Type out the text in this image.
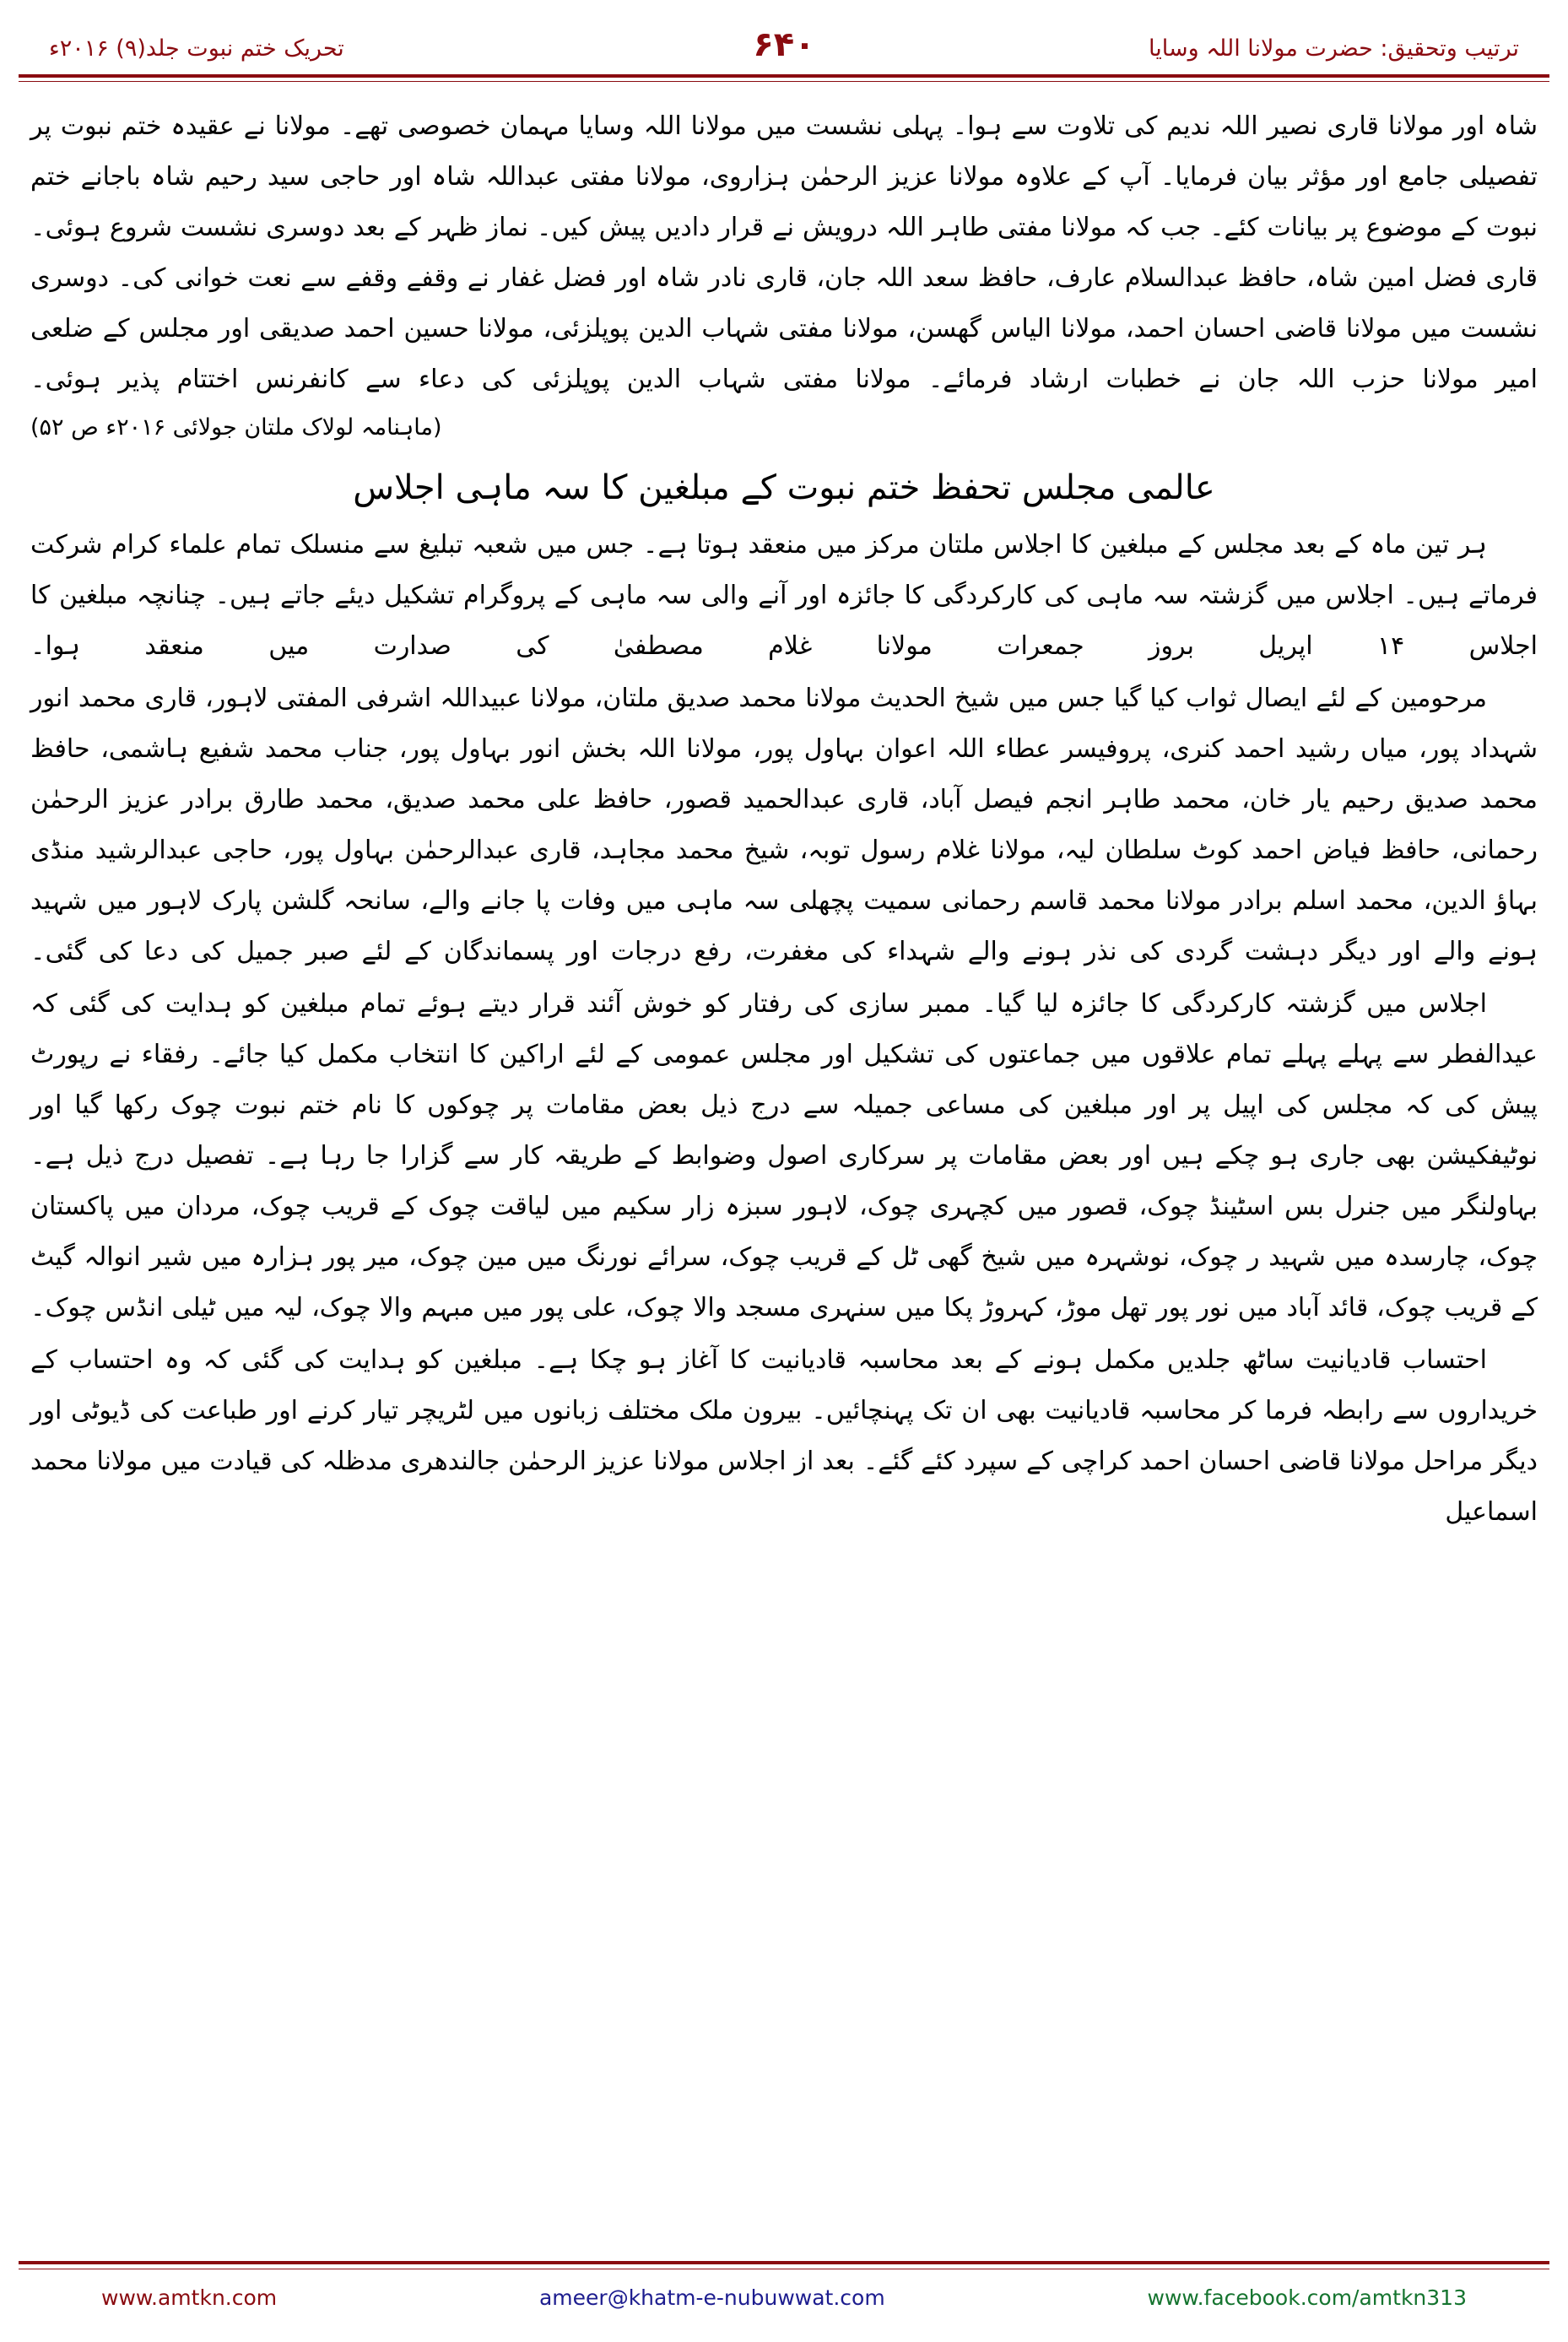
ترتیب وتحقیق: حضرت مولانا اللہ وسایا
۶۴۰
تحریک ختم نبوت جلد(۹) ۲۰۱۶ء

شاہ اور مولانا قاری نصیر اللہ ندیم کی تلاوت سے ہوا۔ پہلی نشست میں مولانا اللہ وسایا مہمان خصوصی تھے۔ مولانا نے عقیدہ ختم نبوت پر تفصیلی جامع اور مؤثر بیان فرمایا۔ آپ کے علاوہ مولانا عزیز الرحمٰن ہزاروی، مولانا مفتی عبداللہ شاہ اور حاجی سید رحیم شاہ باجانے ختم نبوت کے موضوع پر بیانات کئے۔ جب کہ مولانا مفتی طاہر اللہ درویش نے قرار دادیں پیش کیں۔ نماز ظہر کے بعد دوسری نشست شروع ہوئی۔ قاری فضل امین شاہ، حافظ عبدالسلام عارف، حافظ سعد اللہ جان، قاری نادر شاہ اور فضل غفار نے وقفے وقفے سے نعت خوانی کی۔ دوسری نشست میں مولانا قاضی احسان احمد، مولانا الیاس گھسن، مولانا مفتی شہاب الدین پوپلزئی، مولانا حسین احمد صدیقی اور مجلس کے ضلعی امیر مولانا حزب اللہ جان نے خطبات ارشاد فرمائے۔ مولانا مفتی شہاب الدین پوپلزئی کی دعاء سے کانفرنس اختتام پذیر ہوئی۔

(ماہنامہ لولاک ملتان جولائی ۲۰۱۶ء ص ۵۲)

عالمی مجلس تحفظ ختم نبوت کے مبلغین کا سہ ماہی اجلاس

ہر تین ماہ کے بعد مجلس کے مبلغین کا اجلاس ملتان مرکز میں منعقد ہوتا ہے۔ جس میں شعبہ تبلیغ سے منسلک تمام علماء کرام شرکت فرماتے ہیں۔ اجلاس میں گزشتہ سہ ماہی کی کارکردگی کا جائزہ اور آنے والی سہ ماہی کے پروگرام تشکیل دیئے جاتے ہیں۔ چنانچہ مبلغین کا اجلاس ۱۴ اپریل بروز جمعرات مولانا غلام مصطفیٰ کی صدارت میں منعقد ہوا۔

مرحومین کے لئے ایصال ثواب کیا گیا جس میں شیخ الحدیث مولانا محمد صدیق ملتان، مولانا عبیداللہ اشرفی المفتی لاہور، قاری محمد انور شہداد پور، میاں رشید احمد کنری، پروفیسر عطاء اللہ اعوان بہاول پور، مولانا اللہ بخش انور بہاول پور، جناب محمد شفیع ہاشمی، حافظ محمد صدیق رحیم یار خان، محمد طاہر انجم فیصل آباد، قاری عبدالحمید قصور، حافظ علی محمد صدیق، محمد طارق برادر عزیز الرحمٰن رحمانی، حافظ فیاض احمد کوٹ سلطان لیہ، مولانا غلام رسول توبہ، شیخ محمد مجاہد، قاری عبدالرحمٰن بہاول پور، حاجی عبدالرشید منڈی بہاؤ الدین، محمد اسلم برادر مولانا محمد قاسم رحمانی سمیت پچھلی سہ ماہی میں وفات پا جانے والے، سانحہ گلشن پارک لاہور میں شہید ہونے والے اور دیگر دہشت گردی کی نذر ہونے والے شہداء کی مغفرت، رفع درجات اور پسماندگان کے لئے صبر جمیل کی دعا کی گئی۔

اجلاس میں گزشتہ کارکردگی کا جائزہ لیا گیا۔ ممبر سازی کی رفتار کو خوش آئند قرار دیتے ہوئے تمام مبلغین کو ہدایت کی گئی کہ عیدالفطر سے پہلے پہلے تمام علاقوں میں جماعتوں کی تشکیل اور مجلس عمومی کے لئے اراکین کا انتخاب مکمل کیا جائے۔ رفقاء نے رپورٹ پیش کی کہ مجلس کی اپیل پر اور مبلغین کی مساعی جمیلہ سے درج ذیل بعض مقامات پر چوکوں کا نام ختم نبوت چوک رکھا گیا اور نوٹیفکیشن بھی جاری ہو چکے ہیں اور بعض مقامات پر سرکاری اصول وضوابط کے طریقہ کار سے گزارا جا رہا ہے۔ تفصیل درج ذیل ہے۔ بہاولنگر میں جنرل بس اسٹینڈ چوک، قصور میں کچہری چوک، لاہور سبزہ زار سکیم میں لیاقت چوک کے قریب چوک، مردان میں پاکستان چوک، چارسدہ میں شہید ر چوک، نوشہرہ میں شیخ گھی ٹل کے قریب چوک، سرائے نورنگ میں مین چوک، میر پور ہزارہ میں شیر انوالہ گیٹ کے قریب چوک، قائد آباد میں نور پور تھل موڑ، کہروڑ پکا میں سنہری مسجد والا چوک، علی پور میں مبہم والا چوک، لیہ میں ٹیلی انڈس چوک۔

احتساب قادیانیت ساٹھ جلدیں مکمل ہونے کے بعد محاسبہ قادیانیت کا آغاز ہو چکا ہے۔ مبلغین کو ہدایت کی گئی کہ وہ احتساب کے خریداروں سے رابطہ فرما کر محاسبہ قادیانیت بھی ان تک پہنچائیں۔ بیرون ملک مختلف زبانوں میں لٹریچر تیار کرنے اور طباعت کی ڈیوٹی اور دیگر مراحل مولانا قاضی احسان احمد کراچی کے سپرد کئے گئے۔ بعد از اجلاس مولانا عزیز الرحمٰن جالندھری مدظلہ کی قیادت میں مولانا محمد اسماعیل

www.amtkn.com	ameer@khatm-e-nubuwwat.com	www.facebook.com/amtkn313
